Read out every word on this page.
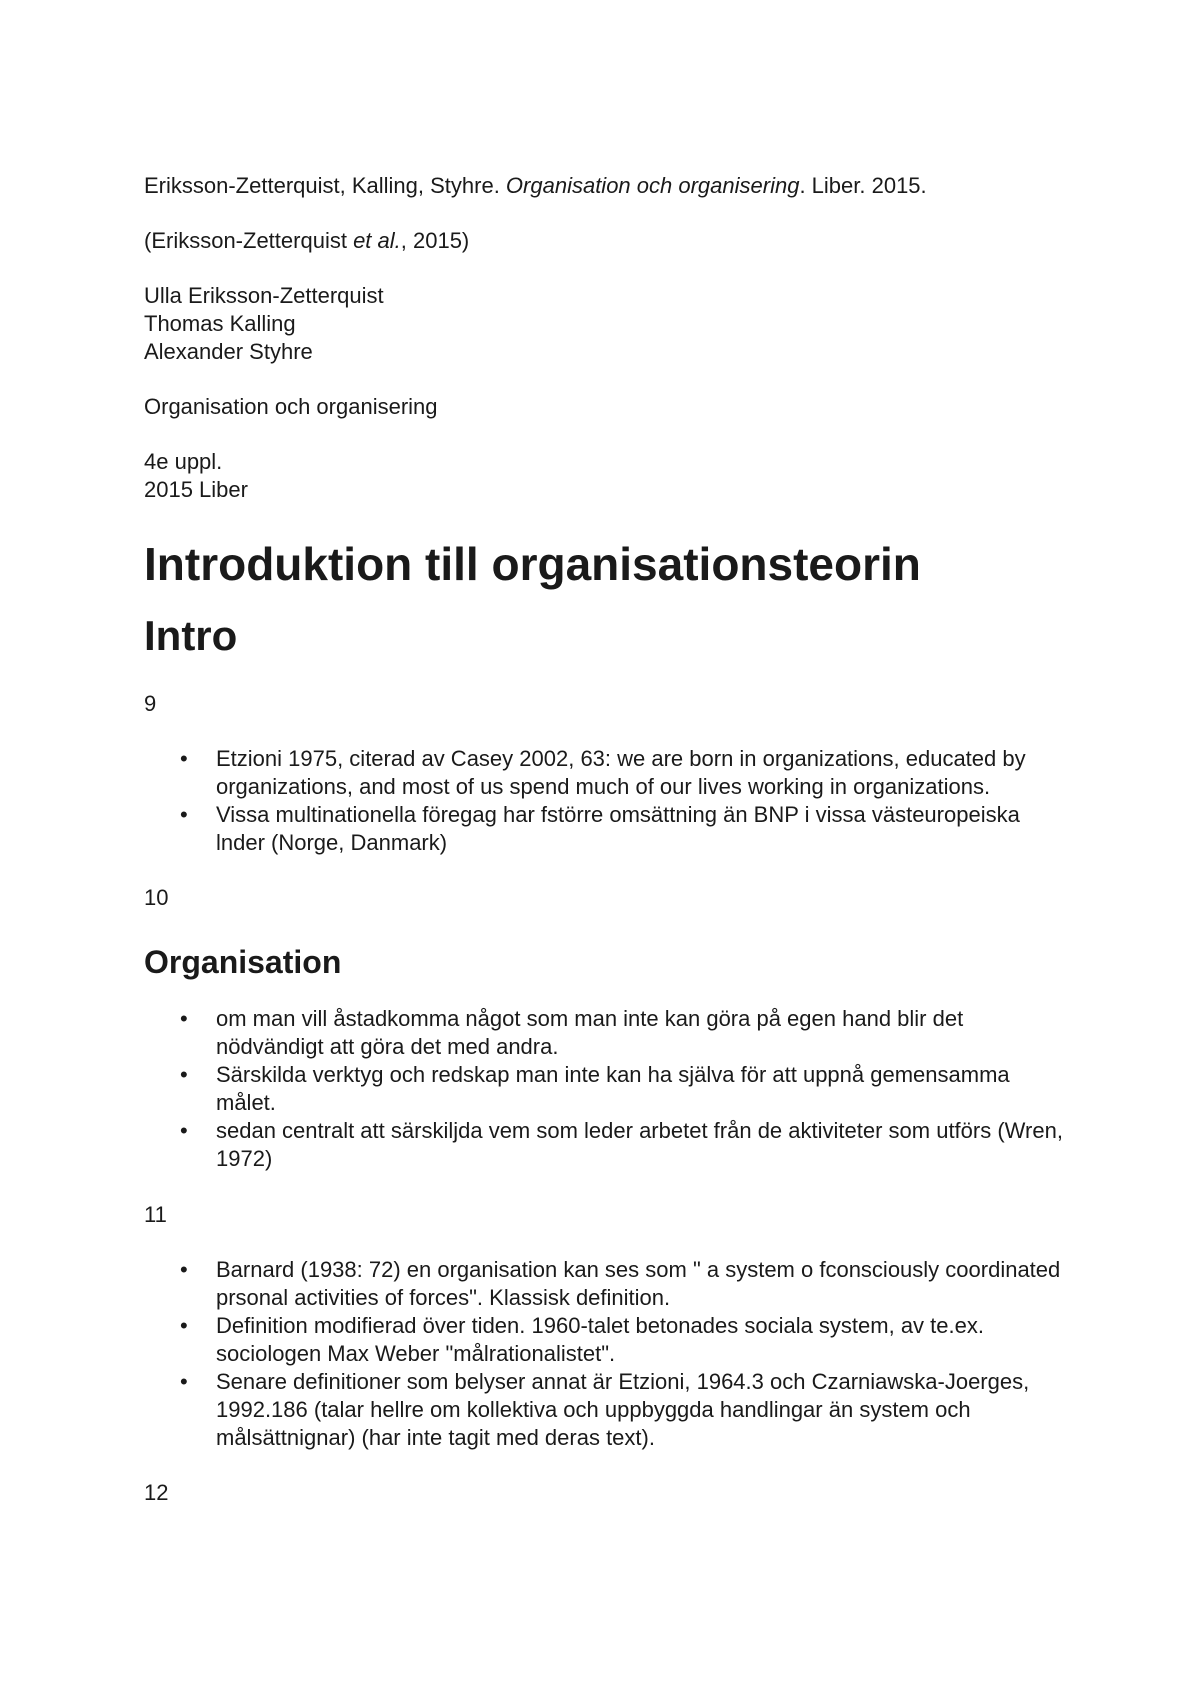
Eriksson-Zetterquist, Kalling, Styhre. Organisation och organisering. Liber. 2015.

(Eriksson-Zetterquist et al., 2015)

Ulla Eriksson-Zetterquist
Thomas Kalling
Alexander Styhre

Organisation och organisering

4e uppl.
2015 Liber
Introduktion till organisationsteorin
Intro

9

• Etzioni 1975, citerad av Casey 2002, 63: we are born in organizations, educated by organizations, and most of us spend much of our lives working in organizations.
• Vissa multinationella föregag har fstörre omsättning än BNP i vissa västeuropeiska lnder (Norge, Danmark)

10

Organisation
• om man vill åstadkomma något som man inte kan göra på egen hand blir det nödvändigt att göra det med andra.
• Särskilda verktyg och redskap man inte kan ha själva för att uppnå gemensamma målet.
• sedan centralt att särskiljda vem som leder arbetet från de aktiviteter som utförs (Wren, 1972)

11

• Barnard (1938: 72) en organisation kan ses som " a system o fconsciously coordinated prsonal activities of forces". Klassisk definition.
• Definition modifierad över tiden. 1960-talet betonades sociala system, av te.ex. sociologen Max Weber "målrationalistet".
• Senare definitioner som belyser annat är Etzioni, 1964.3 och Czarniawska-Joerges, 1992.186 (talar hellre om kollektiva och uppbyggda handlingar än system och målsättnignar) (har inte tagit med deras text).

12
